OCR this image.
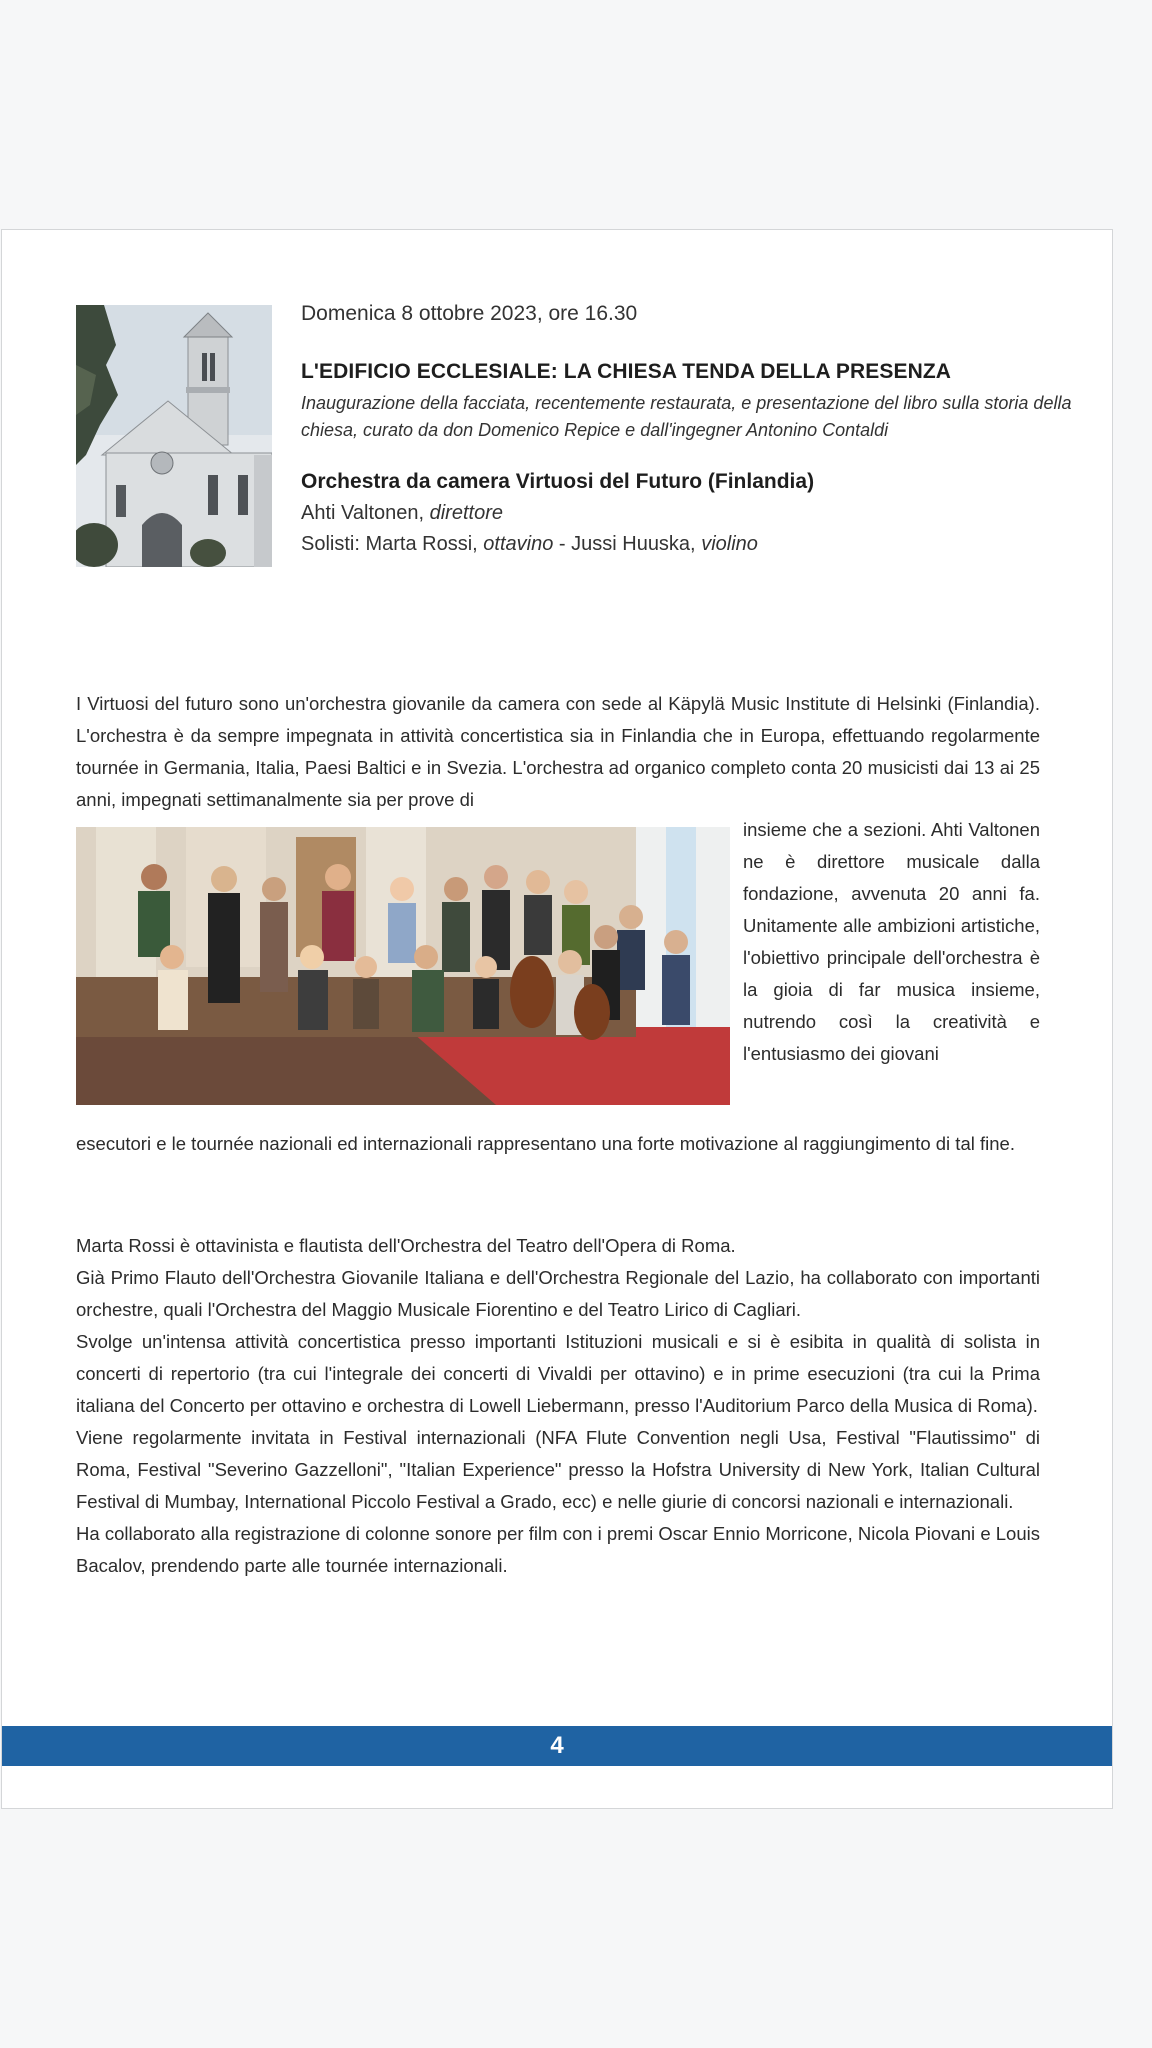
Domenica 8 ottobre 2023, ore 16.30

L'EDIFICIO ECCLESIALE: LA CHIESA TENDA DELLA PRESENZA

Inaugurazione della facciata, recentemente restaurata, e presentazione del libro sulla storia della chiesa, curato da don Domenico Repice e dall'ingegner Antonino Contaldi

Orchestra da camera Virtuosi del Futuro (Finlandia)

Ahti Valtonen, direttore

Solisti: Marta Rossi, ottavino - Jussi Huuska, violino

I Virtuosi del futuro sono un'orchestra giovanile da camera con sede al Käpylä Music Institute di Helsinki (Finlandia). L'orchestra è da sempre impegnata in attività concertistica sia in Finlandia che in Europa, effettuando regolarmente tournée in Germania, Italia, Paesi Baltici e in Svezia. L'orchestra ad organico completo conta 20 musicisti dai 13 ai 25 anni, impegnati settimanalmente sia per prove di

insieme che a sezioni. Ahti Valtonen ne è direttore musicale dalla fondazione, avvenuta 20 anni fa. Unitamente alle ambizioni artistiche, l'obiettivo principale dell'orchestra è la gioia di far musica insieme, nutrendo così la creatività e l'entusiasmo dei giovani

esecutori e le tournée nazionali ed internazionali rappresentano una forte motivazione al raggiungimento di tal fine.

Marta Rossi è ottavinista e flautista dell'Orchestra del Teatro dell'Opera di Roma.
Già Primo Flauto dell'Orchestra Giovanile Italiana e dell'Orchestra Regionale del Lazio, ha collaborato con importanti orchestre, quali l'Orchestra del Maggio Musicale Fiorentino e del Teatro Lirico di Cagliari.
Svolge un'intensa attività concertistica presso importanti Istituzioni musicali e si è esibita in qualità di solista in concerti di repertorio (tra cui l'integrale dei concerti di Vivaldi per ottavino) e in prime esecuzioni (tra cui la Prima italiana del Concerto per ottavino e orchestra di Lowell Liebermann, presso l'Auditorium Parco della Musica di Roma).
Viene regolarmente invitata in Festival internazionali (NFA Flute Convention negli Usa, Festival "Flautissimo" di Roma, Festival "Severino Gazzelloni", "Italian Experience" presso la Hofstra University di New York, Italian Cultural Festival di Mumbay, International Piccolo Festival a Grado, ecc) e nelle giurie di concorsi nazionali e internazionali.
Ha collaborato alla registrazione di colonne sonore per film con i premi Oscar Ennio Morricone, Nicola Piovani e Louis Bacalov, prendendo parte alle tournée internazionali.
4
